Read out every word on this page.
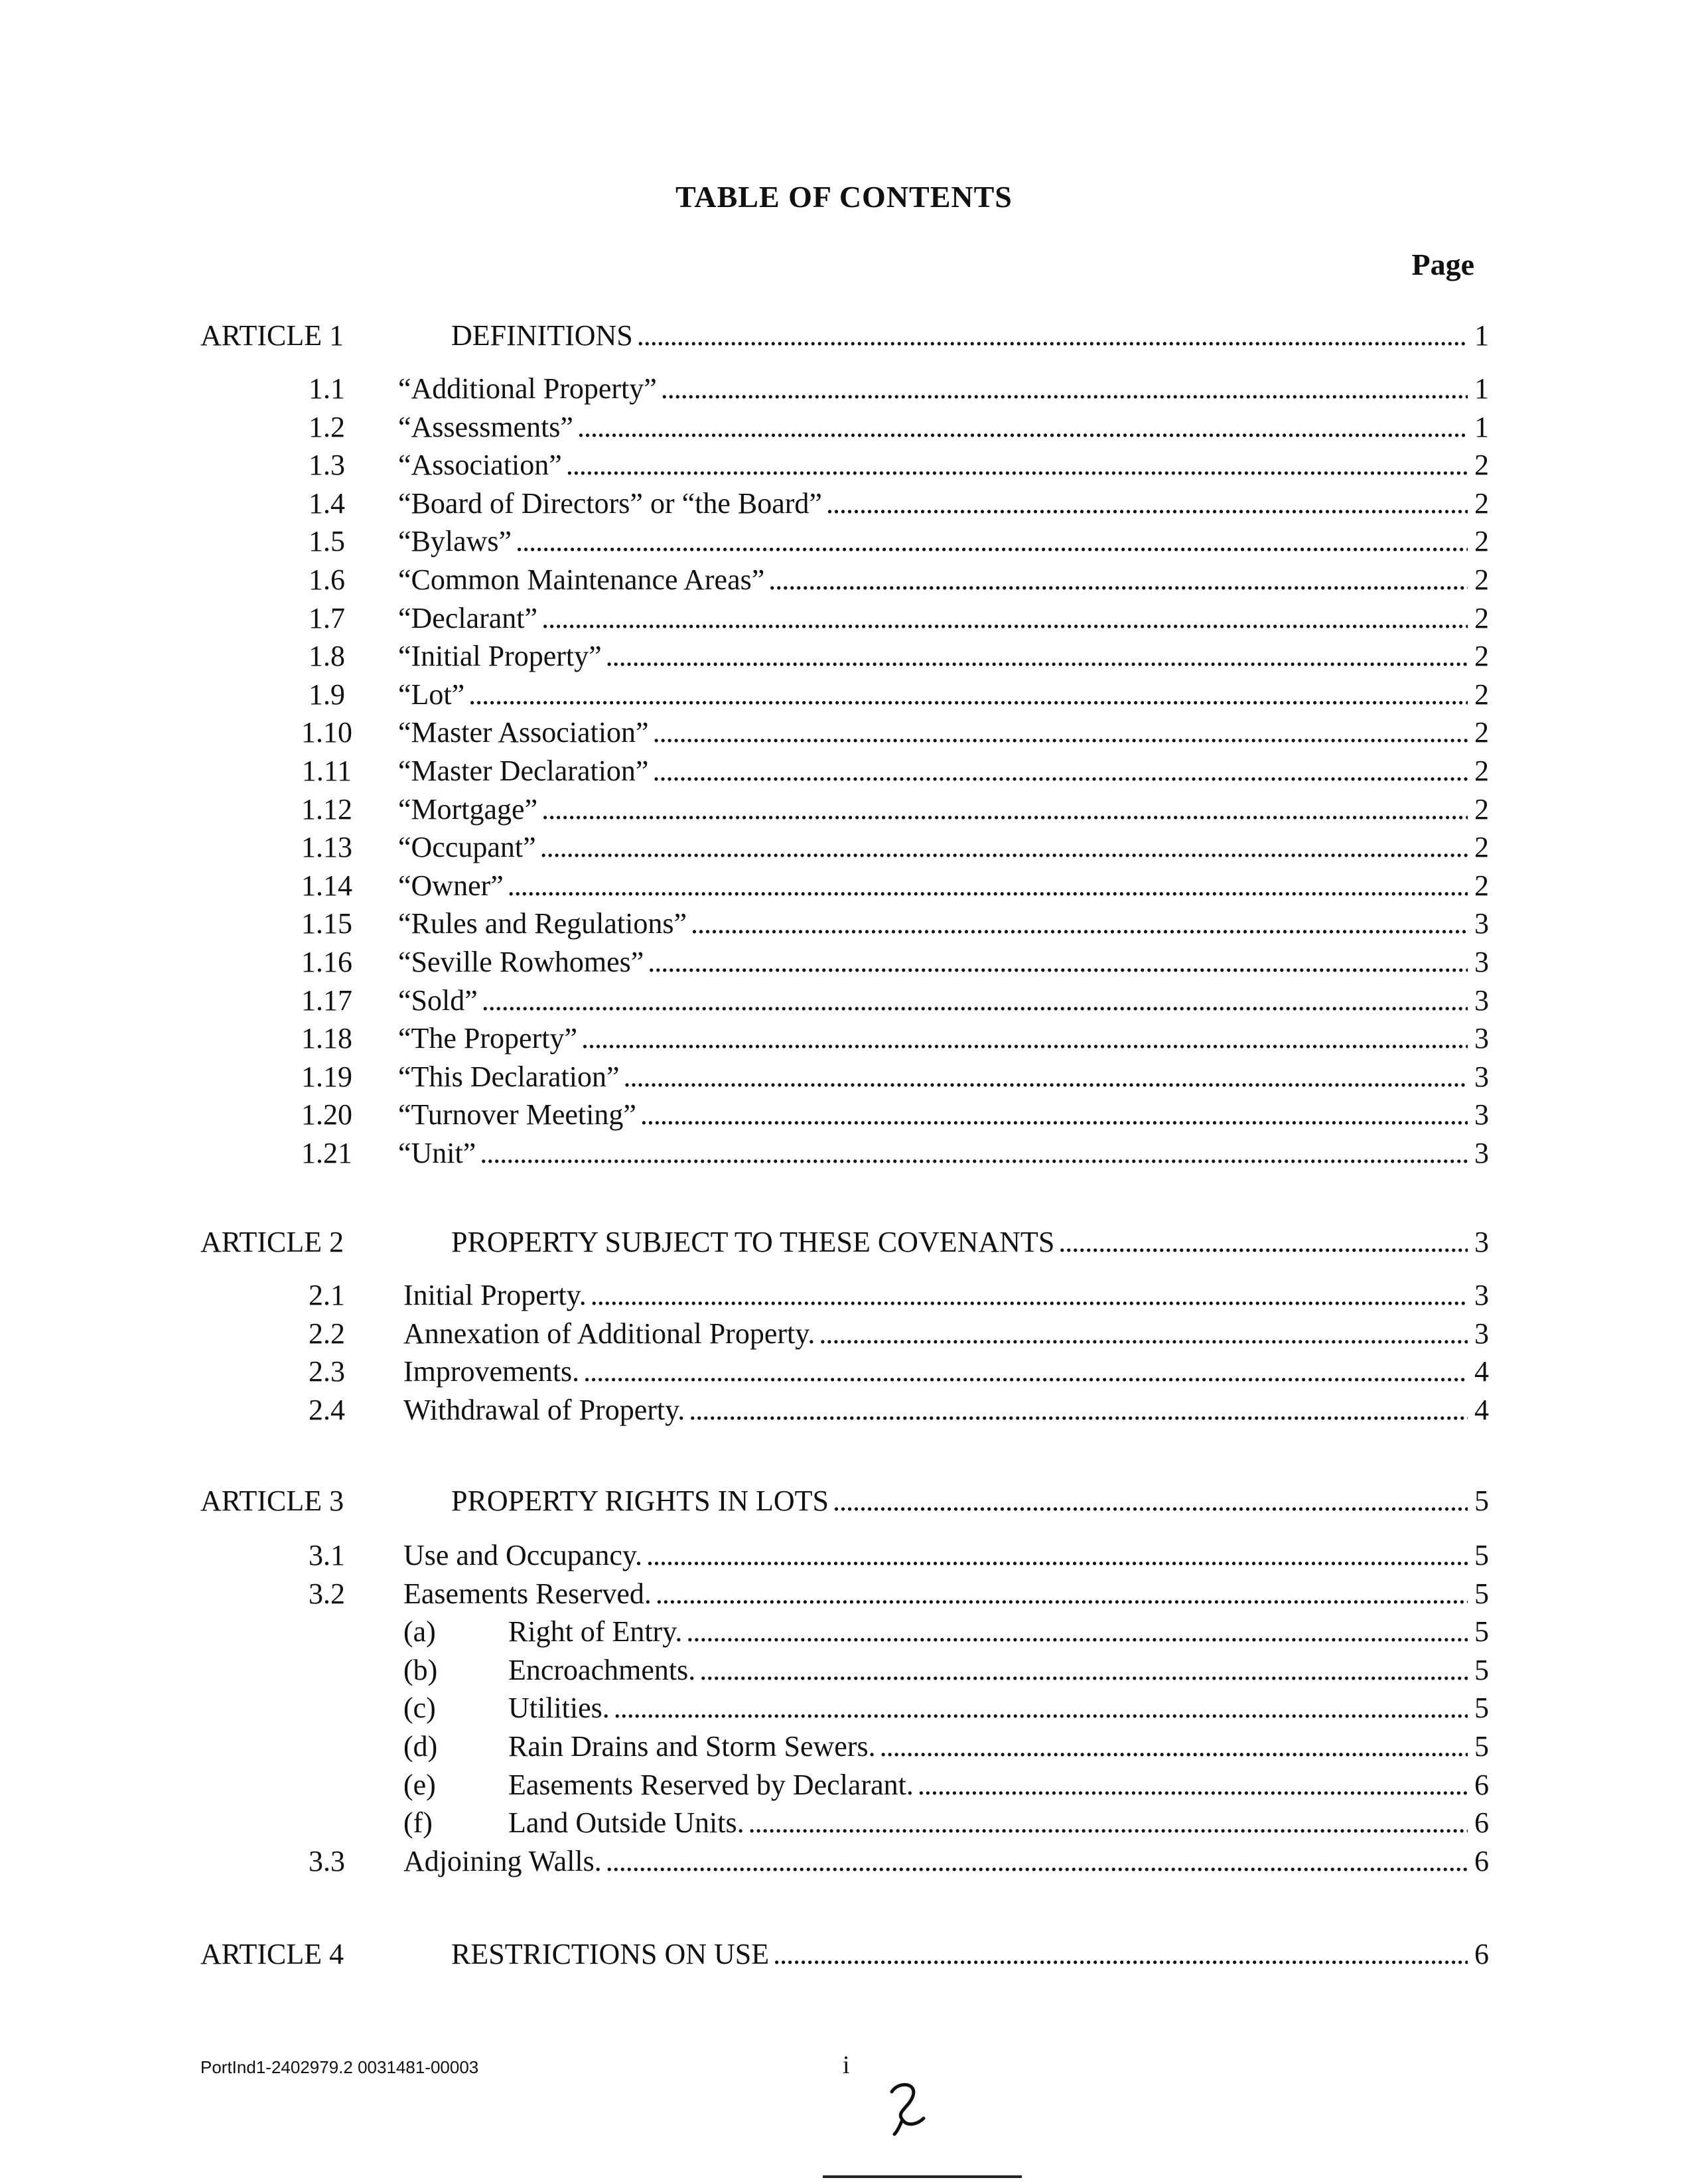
TABLE OF CONTENTS
Page
ARTICLE 1	DEFINITIONS . . .	1
1.1	“Additional Property” . . .	1
1.2	“Assessments” . . .	1
1.3	“Association” . . .	2
1.4	“Board of Directors” or “the Board” . . .	2
1.5	“Bylaws” . . .	2
1.6	“Common Maintenance Areas” . . .	2
1.7	“Declarant” . . .	2
1.8	“Initial Property” . . .	2
1.9	“Lot” . . .	2
1.10	“Master Association” . . .	2
1.11	“Master Declaration” . . .	2
1.12	“Mortgage” . . .	2
1.13	“Occupant” . . .	2
1.14	“Owner” . . .	2
1.15	“Rules and Regulations” . . .	3
1.16	“Seville Rowhomes” . . .	3
1.17	“Sold” . . .	3
1.18	“The Property” . . .	3
1.19	“This Declaration” . . .	3
1.20	“Turnover Meeting” . . .	3
1.21	“Unit” . . .	3
ARTICLE 2	PROPERTY SUBJECT TO THESE COVENANTS . . .	3
2.1	Initial Property. . . .	3
2.2	Annexation of Additional Property. . . .	3
2.3	Improvements. . . .	4
2.4	Withdrawal of Property. . . .	4
ARTICLE 3	PROPERTY RIGHTS IN LOTS . . .	5
3.1	Use and Occupancy. . . .	5
3.2	Easements Reserved. . . .	5
(a)	Right of Entry. . . .	5
(b)	Encroachments. . . .	5
(c)	Utilities. . . .	5
(d)	Rain Drains and Storm Sewers. . . .	5
(e)	Easements Reserved by Declarant. . . .	6
(f)	Land Outside Units. . . .	6
3.3	Adjoining Walls. . . .	6
ARTICLE 4	RESTRICTIONS ON USE . . .	6
PortInd1-2402979.2 0031481-00003	i
